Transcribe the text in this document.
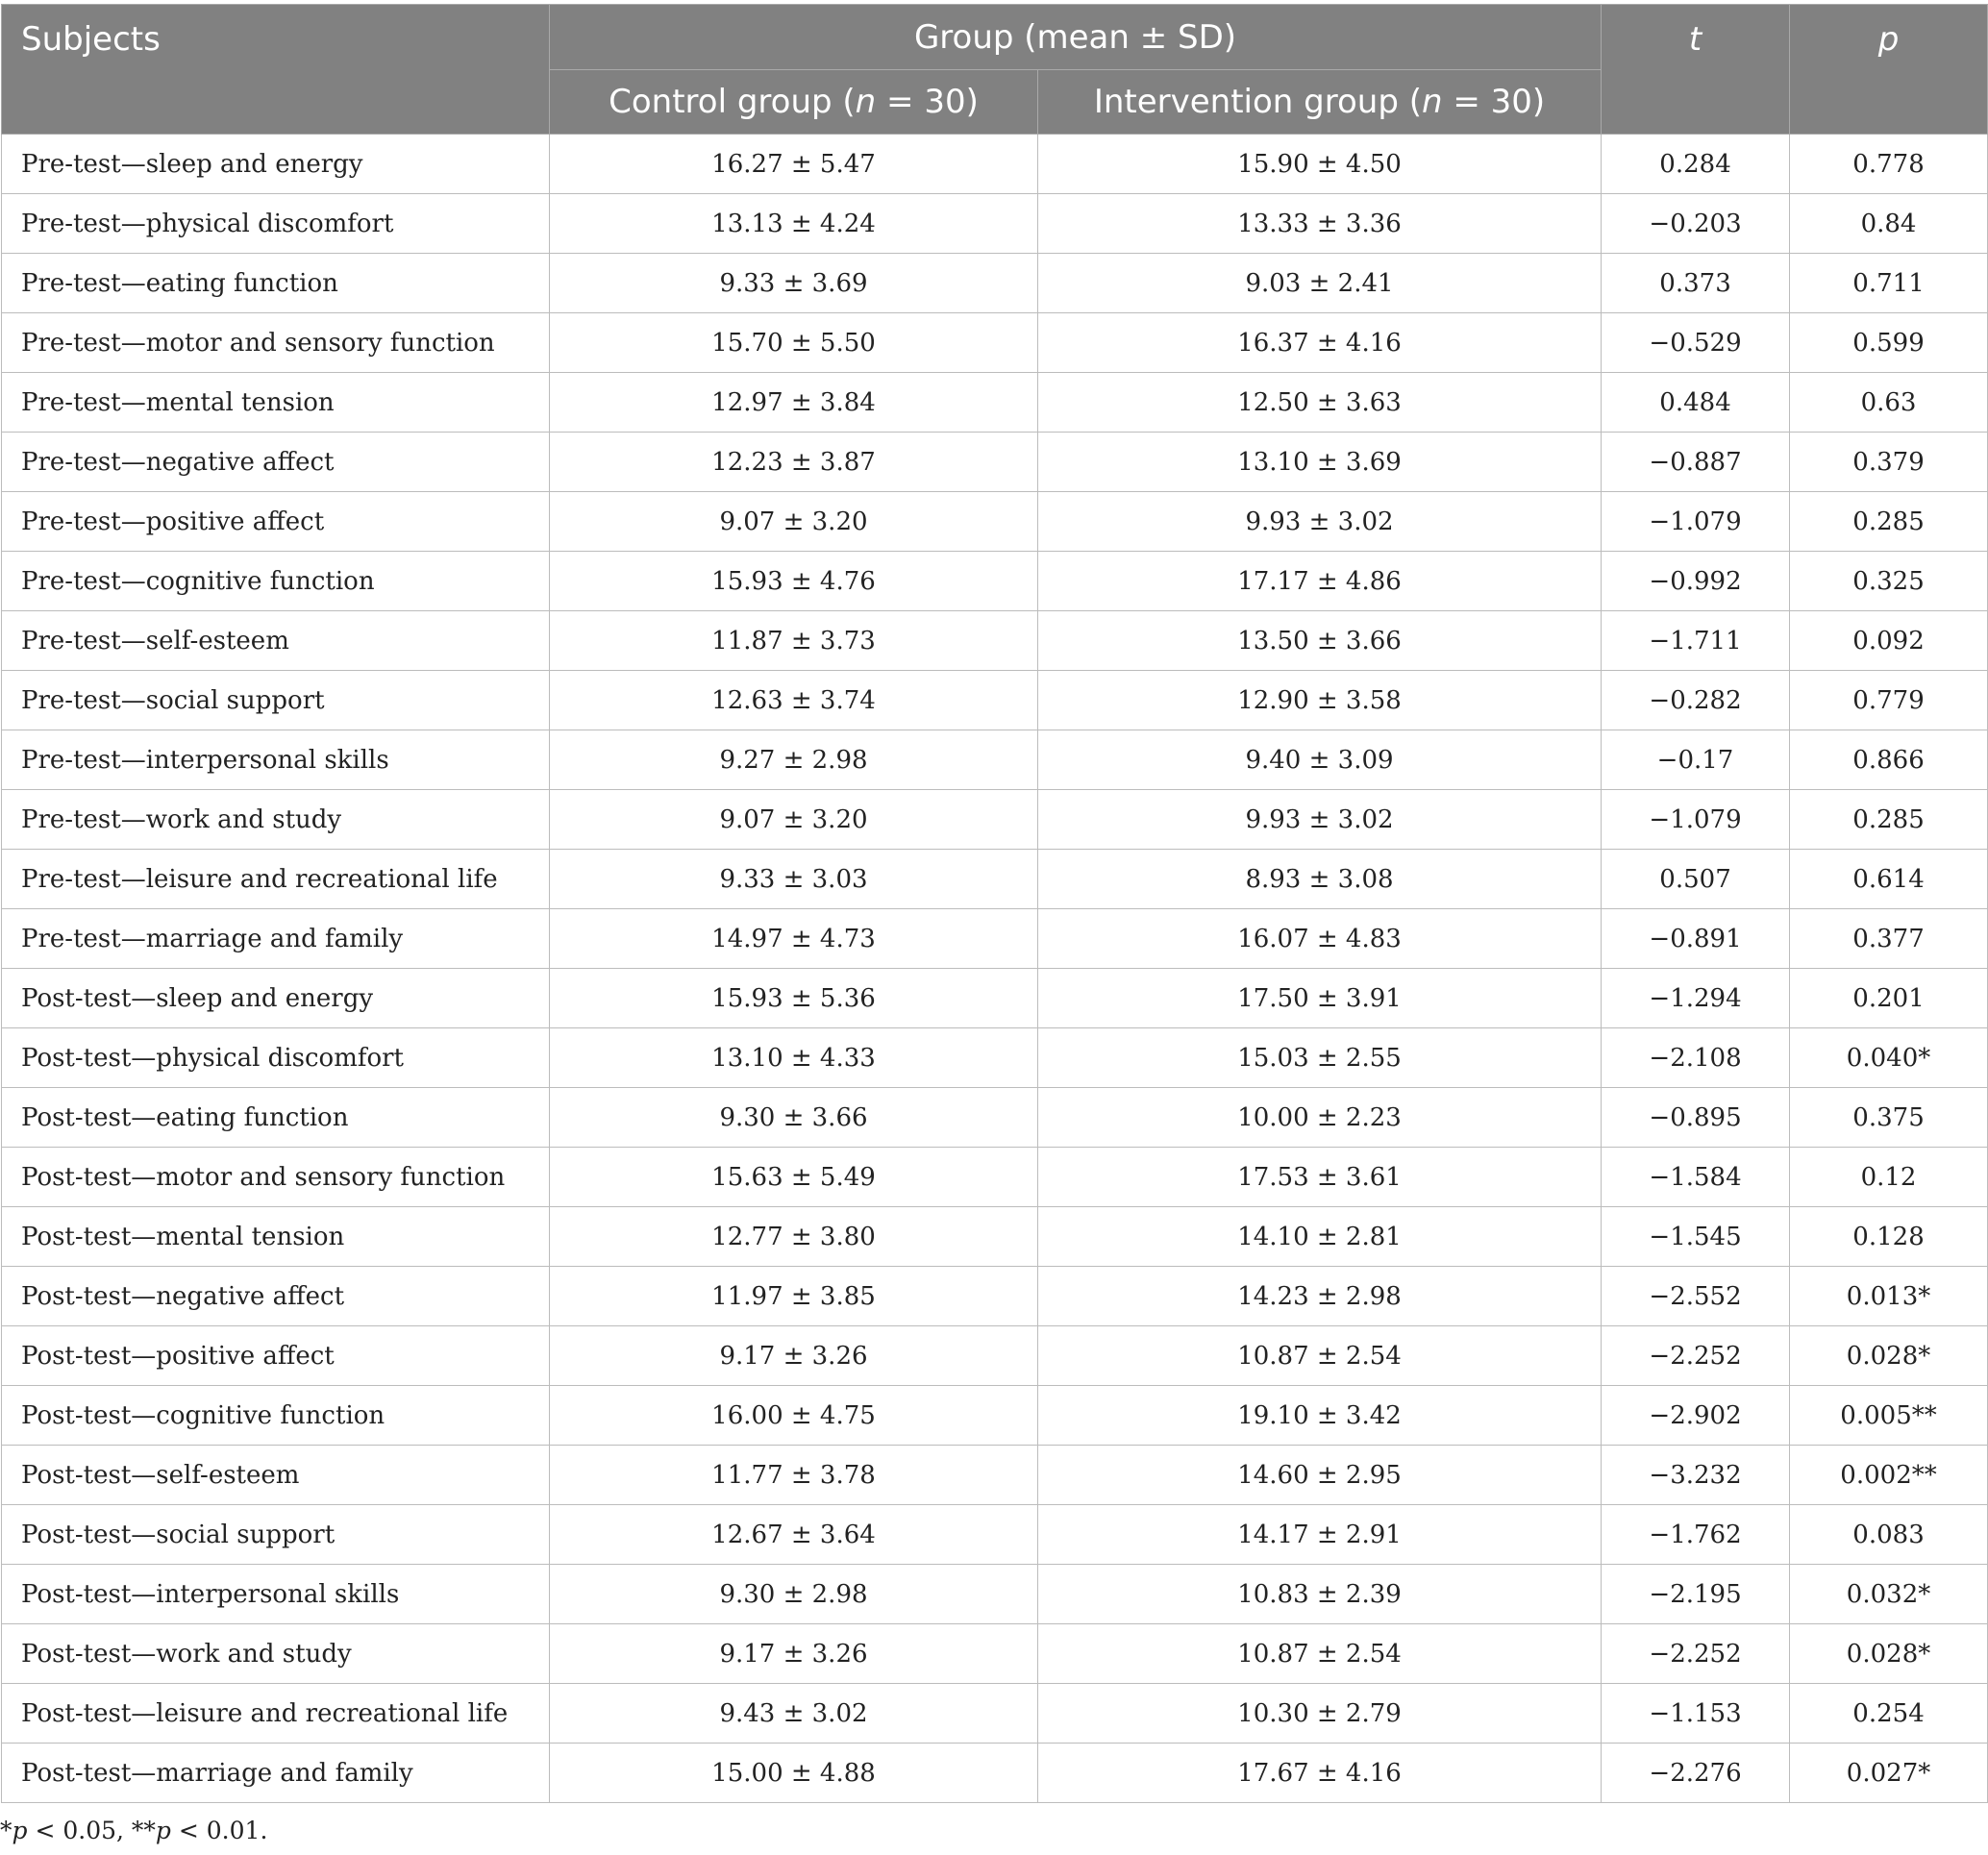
Subjects	Group (mean ± SD)		t	p
	Control group (n = 30)	Intervention group (n = 30)		
Pre-test—sleep and energy	16.27 ± 5.47	15.90 ± 4.50	0.284	0.778
Pre-test—physical discomfort	13.13 ± 4.24	13.33 ± 3.36	−0.203	0.84
Pre-test—eating function	9.33 ± 3.69	9.03 ± 2.41	0.373	0.711
Pre-test—motor and sensory function	15.70 ± 5.50	16.37 ± 4.16	−0.529	0.599
Pre-test—mental tension	12.97 ± 3.84	12.50 ± 3.63	0.484	0.63
Pre-test—negative affect	12.23 ± 3.87	13.10 ± 3.69	−0.887	0.379
Pre-test—positive affect	9.07 ± 3.20	9.93 ± 3.02	−1.079	0.285
Pre-test—cognitive function	15.93 ± 4.76	17.17 ± 4.86	−0.992	0.325
Pre-test—self-esteem	11.87 ± 3.73	13.50 ± 3.66	−1.711	0.092
Pre-test—social support	12.63 ± 3.74	12.90 ± 3.58	−0.282	0.779
Pre-test—interpersonal skills	9.27 ± 2.98	9.40 ± 3.09	−0.17	0.866
Pre-test—work and study	9.07 ± 3.20	9.93 ± 3.02	−1.079	0.285
Pre-test—leisure and recreational life	9.33 ± 3.03	8.93 ± 3.08	0.507	0.614
Pre-test—marriage and family	14.97 ± 4.73	16.07 ± 4.83	−0.891	0.377
Post-test—sleep and energy	15.93 ± 5.36	17.50 ± 3.91	−1.294	0.201
Post-test—physical discomfort	13.10 ± 4.33	15.03 ± 2.55	−2.108	0.040*
Post-test—eating function	9.30 ± 3.66	10.00 ± 2.23	−0.895	0.375
Post-test—motor and sensory function	15.63 ± 5.49	17.53 ± 3.61	−1.584	0.12
Post-test—mental tension	12.77 ± 3.80	14.10 ± 2.81	−1.545	0.128
Post-test—negative affect	11.97 ± 3.85	14.23 ± 2.98	−2.552	0.013*
Post-test—positive affect	9.17 ± 3.26	10.87 ± 2.54	−2.252	0.028*
Post-test—cognitive function	16.00 ± 4.75	19.10 ± 3.42	−2.902	0.005**
Post-test—self-esteem	11.77 ± 3.78	14.60 ± 2.95	−3.232	0.002**
Post-test—social support	12.67 ± 3.64	14.17 ± 2.91	−1.762	0.083
Post-test—interpersonal skills	9.30 ± 2.98	10.83 ± 2.39	−2.195	0.032*
Post-test—work and study	9.17 ± 3.26	10.87 ± 2.54	−2.252	0.028*
Post-test—leisure and recreational life	9.43 ± 3.02	10.30 ± 2.79	−1.153	0.254
Post-test—marriage and family	15.00 ± 4.88	17.67 ± 4.16	−2.276	0.027*
*p < 0.05, **p < 0.01.
